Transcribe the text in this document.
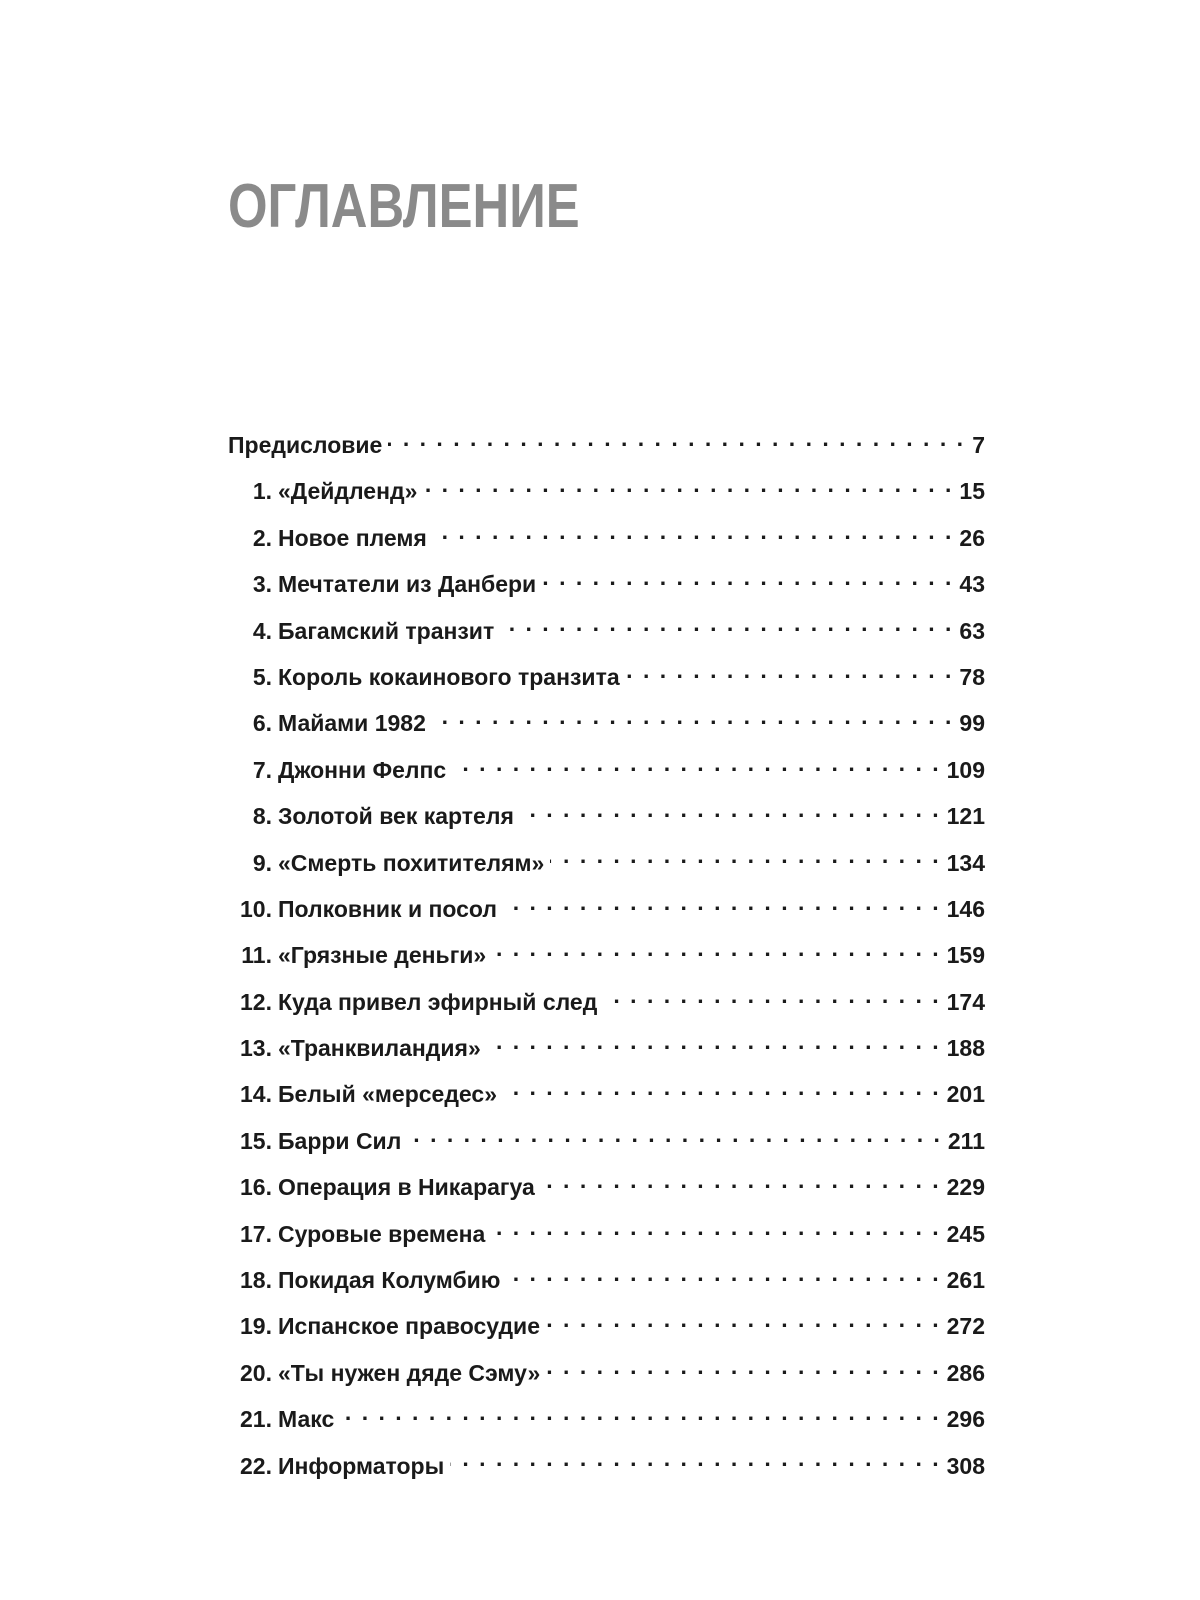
ОГЛАВЛЕНИЕ
Предисловие . . .	7
1. «Дейдленд» . . .	15
2. Новое племя . . .	26
3. Мечтатели из Данбери . . .	43
4. Багамский транзит . . .	63
5. Король кокаинового транзита . . .	78
6. Майами 1982 . . .	99
7. Джонни Фелпс . . .	109
8. Золотой век картеля . . .	121
9. «Смерть похитителям» . . .	134
10. Полковник и посол . . .	146
11. «Грязные деньги» . . .	159
12. Куда привел эфирный след . . .	174
13. «Транквиландия» . . .	188
14. Белый «мерседес» . . .	201
15. Барри Сил . . .	211
16. Операция в Никарагуа . . .	229
17. Суровые времена . . .	245
18. Покидая Колумбию . . .	261
19. Испанское правосудие . . .	272
20. «Ты нужен дяде Сэму» . . .	286
21. Макс . . .	296
22. Информаторы . . .	308
